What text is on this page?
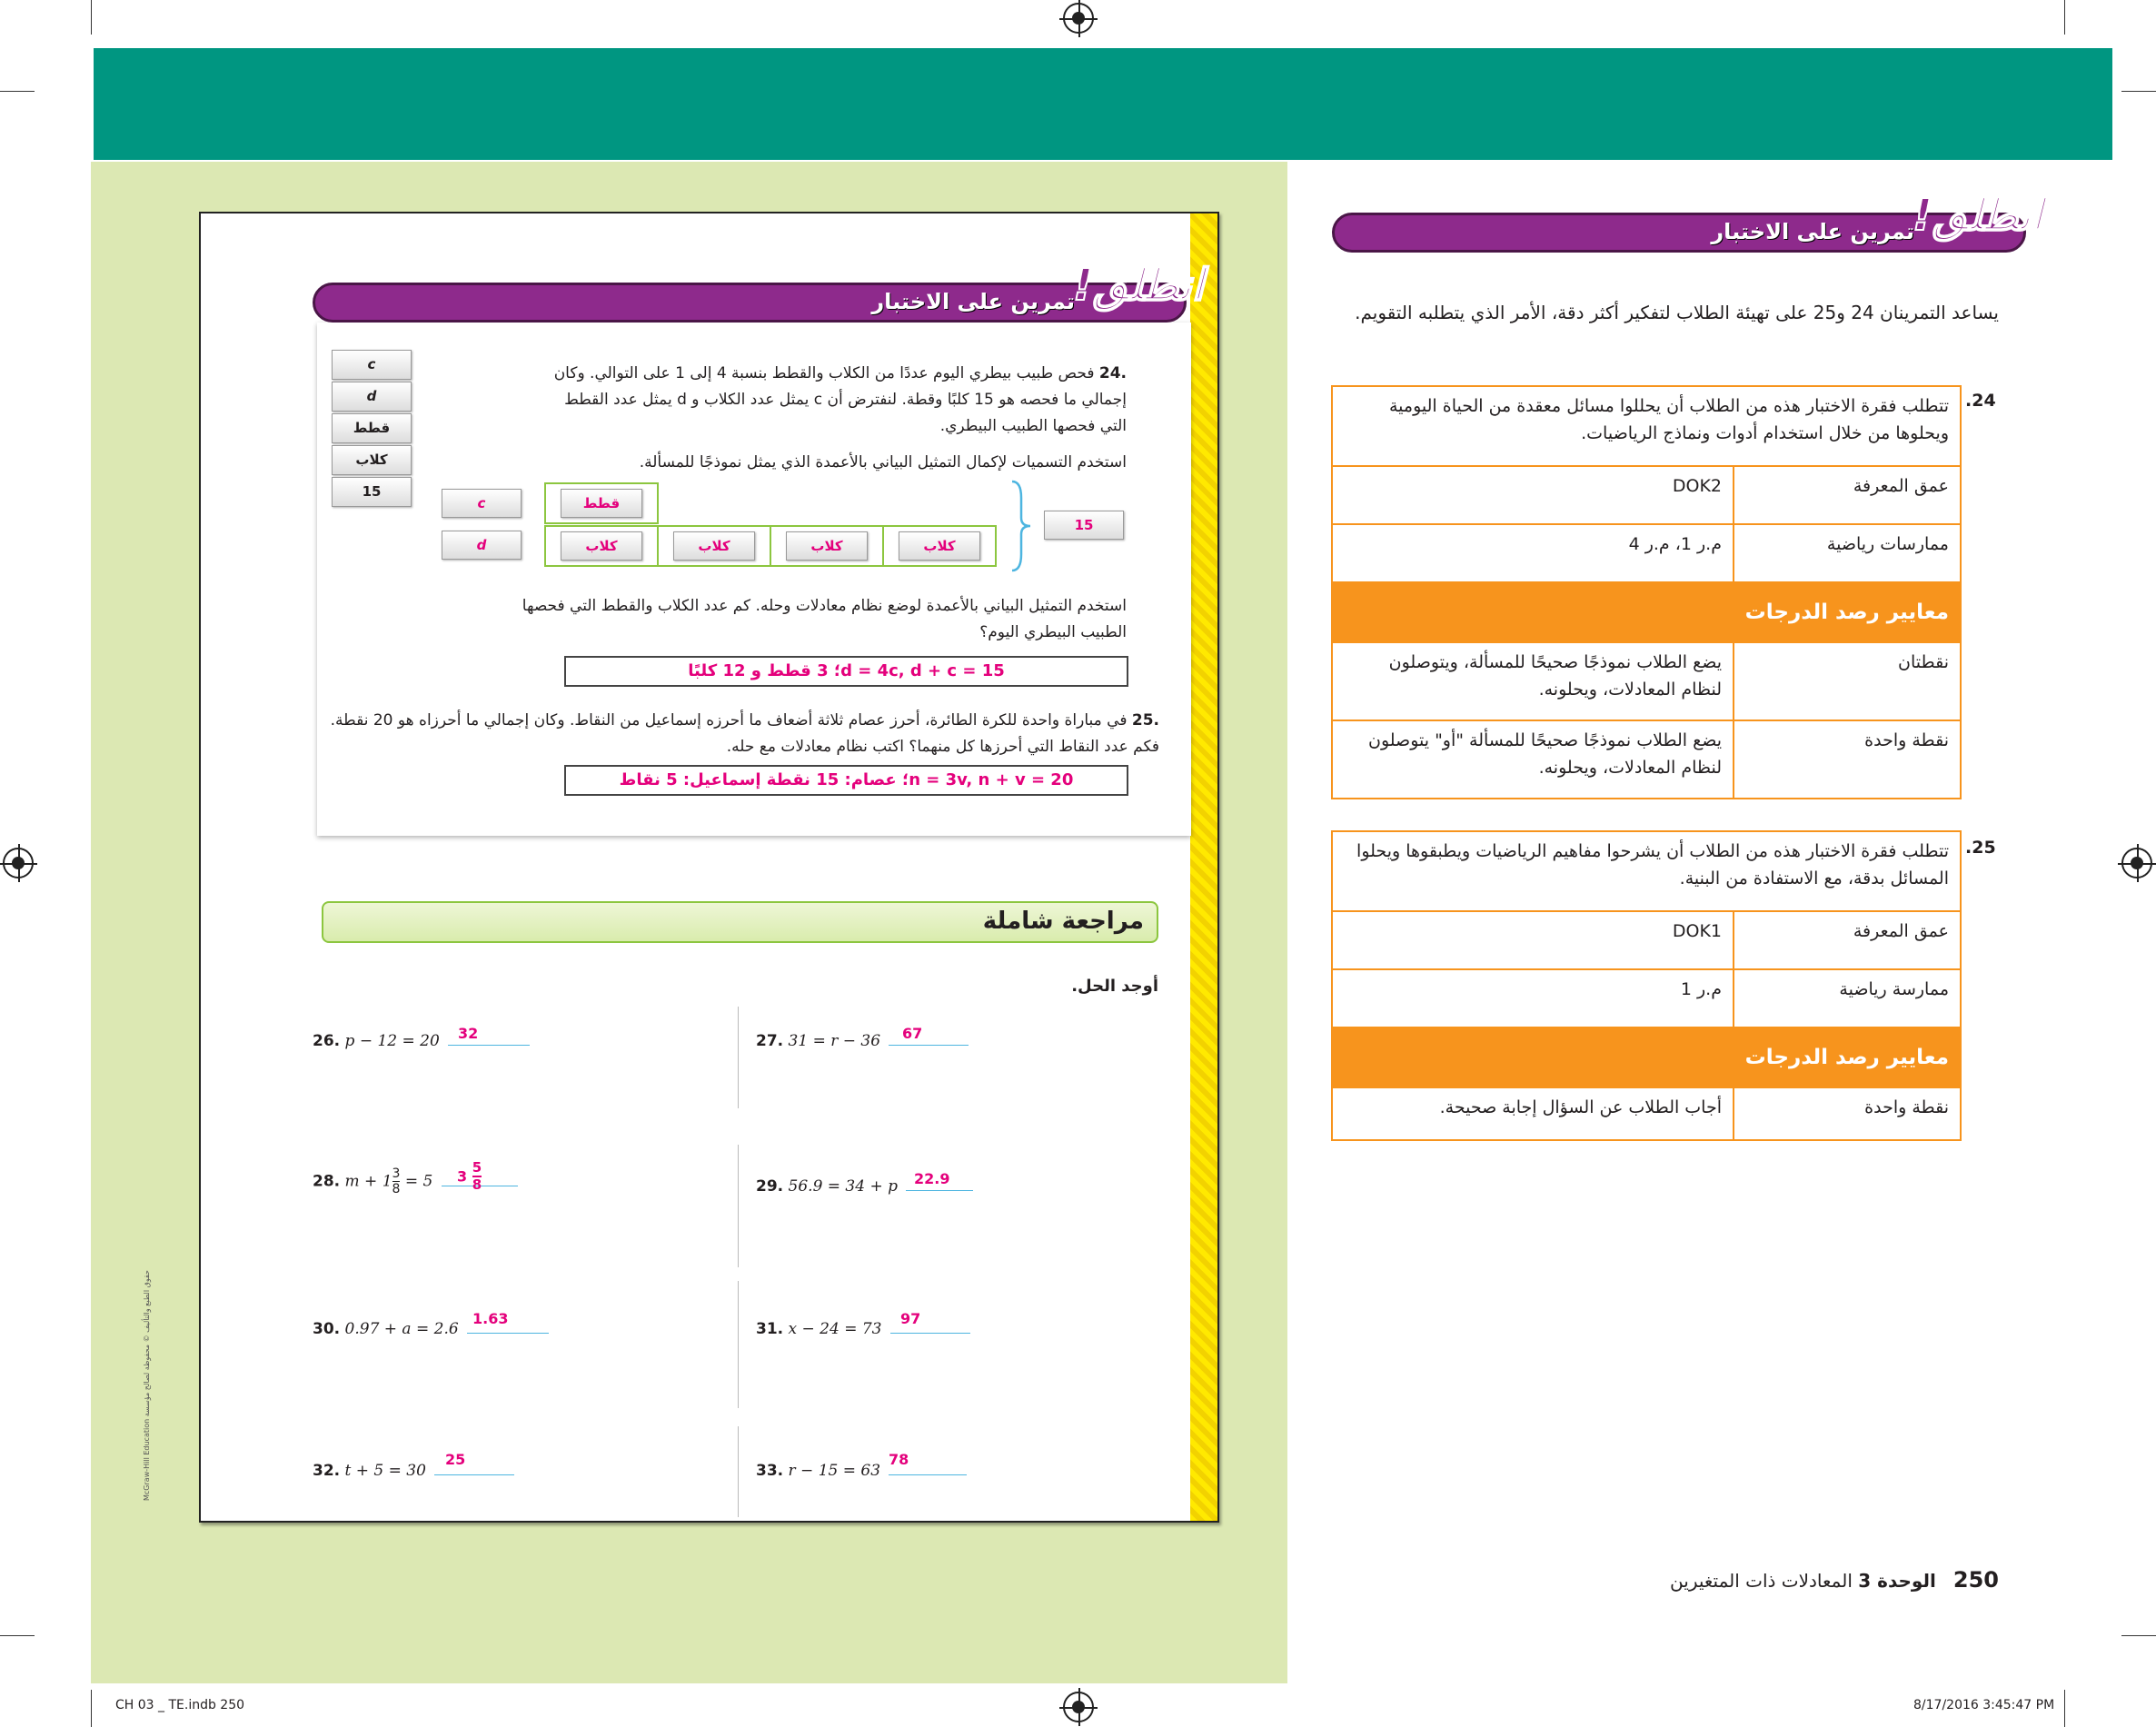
تمرين على الاختبار
انطلق!
يساعد التمرينان 24 و25 على تهيئة الطلاب لتفكير أكثر دقة، الأمر الذي يتطلبه التقويم.
.24
تتطلب فقرة الاختبار هذه من الطلاب أن يحللوا مسائل معقدة من الحياة اليومية ويحلوها من خلال استخدام أدوات ونماذج الرياضيات.	
عمق المعرفة	DOK2
ممارسات رياضية	م.ر 1، م.ر 4
معايير رصد الدرجات	
نقطتان	يضع الطلاب نموذجًا صحيحًا للمسألة، ويتوصلون لنظام المعادلات، ويحلونه.
نقطة واحدة	يضع الطلاب نموذجًا صحيحًا للمسألة "أو" يتوصلون لنظام المعادلات، ويحلونه.
.25
تتطلب فقرة الاختبار هذه من الطلاب أن يشرحوا مفاهيم الرياضيات ويطبقوها ويحلوا المسائل بدقة، مع الاستفادة من البنية.	
عمق المعرفة	DOK1
ممارسة رياضية	م.ر 1
معايير رصد الدرجات	
نقطة واحدة	أجاب الطلاب عن السؤال إجابة صحيحة.
250   الوحدة 3 المعادلات ذات المتغيرين
CH 03 _ TE.indb 250	8/17/2016 3:45:47 PM
تمرين على الاختبار
انطلق!
c
d
قطط
كلاب
15
.24 فحص طبيب بيطري اليوم عددًا من الكلاب والقطط بنسبة 4 إلى 1 على التوالي. وكان إجمالي ما فحصه هو 15 كلبًا وقطة. لنفترض أن c يمثل عدد الكلاب و d يمثل عدد القطط التي فحصها الطبيب البيطري.
استخدم التسميات لإكمال التمثيل البياني بالأعمدة الذي يمثل نموذجًا للمسألة.
c
d
قطط
كلاب	كلاب	كلاب	كلاب
15
استخدم التمثيل البياني بالأعمدة لوضع نظام معادلات وحله. كم عدد الكلاب والقطط التي فحصها الطبيب البيطري اليوم؟
d = 4c, d + c = 15؛ 3 قطط و 12 كلبًا
.25 في مباراة واحدة للكرة الطائرة، أحرز عصام ثلاثة أضعاف ما أحرزه إسماعيل من النقاط. وكان إجمالي ما أحرزاه هو 20 نقطة. فكم عدد النقاط التي أحرزها كل منهما؟ اكتب نظام معادلات مع حله.
n = 3v, n + v = 20؛ عصام: 15 نقطة إسماعيل: 5 نقاط
مراجعة شاملة
أوجد الحل.
26. p − 12 = 20	32	27. 31 = r − 36	67
28. $m + 1 \frac{3}{8} = 5$	$3 \frac{5}{8}$	29. 56.9 = 34 + p	22.9
30. 0.97 + a = 2.6
1.63
31. x − 24 = 73
97
32. t + 5 = 30
25
33. r − 15 = 63
78
McGraw-Hill Education حقوق الطبع والتأليف © محفوظة لصالح مؤسسة
